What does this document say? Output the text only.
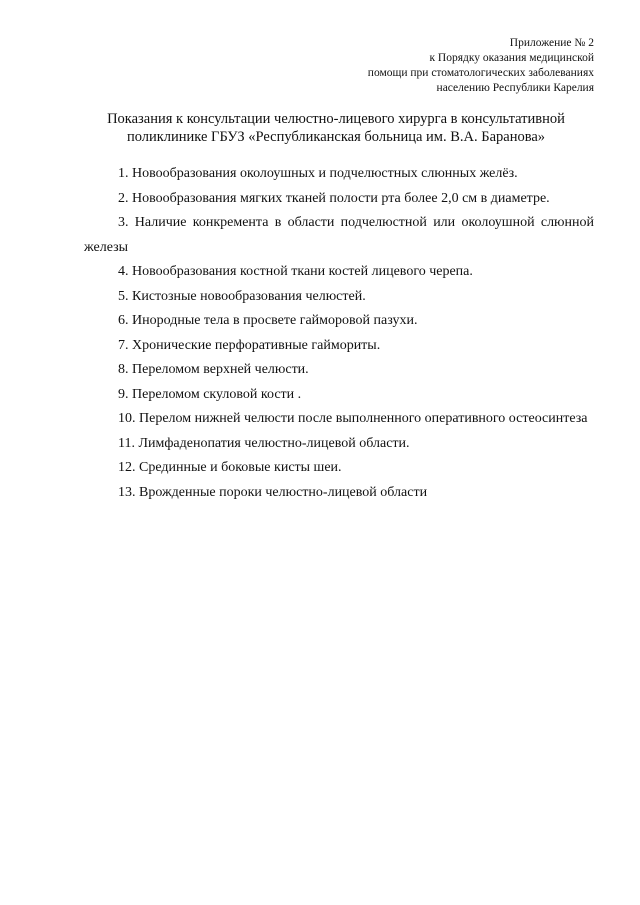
Приложение № 2
к Порядку оказания медицинской
помощи при стоматологических заболеваниях
населению Республики Карелия
Показания к консультации челюстно-лицевого хирурга в консультативной
поликлинике ГБУЗ «Республиканская больница им. В.А. Баранова»

1. Новообразования околоушных и подчелюстных слюнных желёз.

2. Новообразования мягких тканей полости рта более 2,0 см в диаметре.

3. Наличие конкремента в области подчелюстной или околоушной слюнной железы

4. Новообразования костной ткани костей лицевого черепа.

5. Кистозные новообразования челюстей.

6. Инородные тела в просвете гайморовой пазухи.

7. Хронические перфоративные гаймориты.

8. Переломом верхней челюсти.

9. Переломом скуловой кости .

10. Перелом нижней челюсти после выполненного оперативного остеосинтеза

11. Лимфаденопатия челюстно-лицевой области.

12. Срединные и боковые кисты шеи.

13. Врожденные пороки челюстно-лицевой области
